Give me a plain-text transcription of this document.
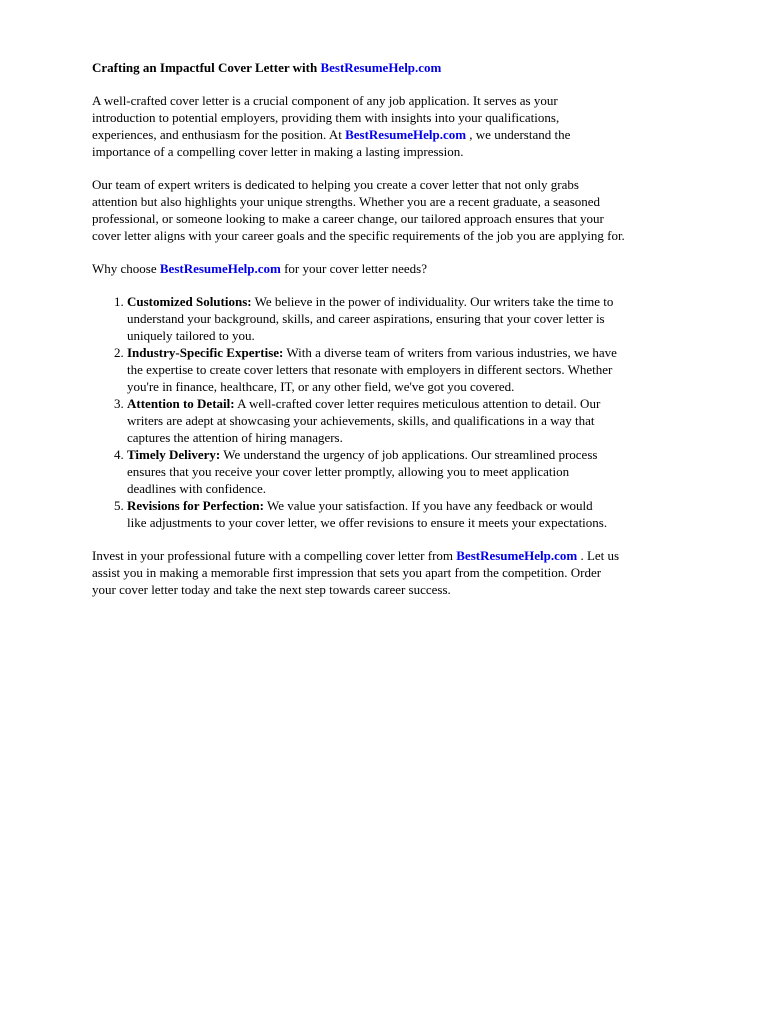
Crafting an Impactful Cover Letter with BestResumeHelp.com
A well-crafted cover letter is a crucial component of any job application. It serves as your
introduction to potential employers, providing them with insights into your qualifications,
experiences, and enthusiasm for the position. At BestResumeHelp.com , we understand the
importance of a compelling cover letter in making a lasting impression.
Our team of expert writers is dedicated to helping you create a cover letter that not only grabs
attention but also highlights your unique strengths. Whether you are a recent graduate, a seasoned
professional, or someone looking to make a career change, our tailored approach ensures that your
cover letter aligns with your career goals and the specific requirements of the job you are applying for.
Why choose BestResumeHelp.com for your cover letter needs?
1. Customized Solutions: We believe in the power of individuality. Our writers take the time to
understand your background, skills, and career aspirations, ensuring that your cover letter is
uniquely tailored to you.
2. Industry-Specific Expertise: With a diverse team of writers from various industries, we have
the expertise to create cover letters that resonate with employers in different sectors. Whether
you're in finance, healthcare, IT, or any other field, we've got you covered.
3. Attention to Detail: A well-crafted cover letter requires meticulous attention to detail. Our
writers are adept at showcasing your achievements, skills, and qualifications in a way that
captures the attention of hiring managers.
4. Timely Delivery: We understand the urgency of job applications. Our streamlined process
ensures that you receive your cover letter promptly, allowing you to meet application
deadlines with confidence.
5. Revisions for Perfection: We value your satisfaction. If you have any feedback or would
like adjustments to your cover letter, we offer revisions to ensure it meets your expectations.
Invest in your professional future with a compelling cover letter from BestResumeHelp.com . Let us
assist you in making a memorable first impression that sets you apart from the competition. Order
your cover letter today and take the next step towards career success.
